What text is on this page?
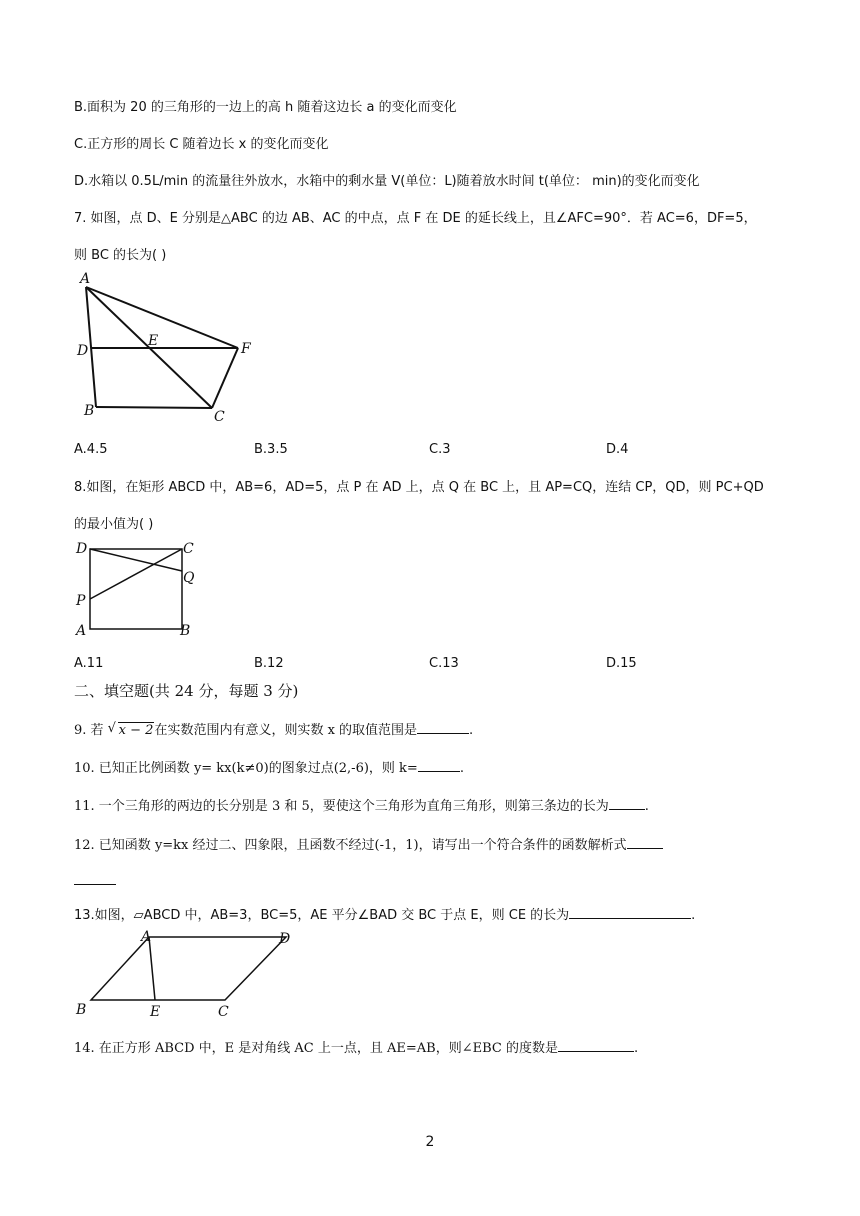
B.面积为 20 的三角形的一边上的高 h 随着这边长 a 的变化而变化
C.正方形的周长 C 随着边长 x 的变化而变化
D.水箱以 0.5L/min 的流量往外放水，水箱中的剩水量 V(单位：L)随着放水时间 t(单位： min)的变化而变化
7. 如图，点 D、E 分别是△ABC 的边 AB、AC 的中点，点 F 在 DE 的延长线上，且∠AFC=90°．若 AC=6，DF=5，
则 BC 的长为( )
A
D
E	F
B	C
A.4.5	B.3.5	C.3	D.4
8.如图，在矩形 ABCD 中，AB=6，AD=5，点 P 在 AD 上，点 Q 在 BC 上，且 AP=CQ，连结 CP，QD，则 PC+QD
的最小值为( )
D	C
Q
P
A	B
A.11	B.12	C.13	D.15
二、填空题(共 24 分，每题 3 分)
9. 若 √ x − 2在实数范围内有意义，则实数 x 的取值范围是	.
10. 已知正比例函数 y= kx(k≠0)的图象过点(2,-6)，则 k=	.
11. 一个三角形的两边的长分别是 3 和 5，要使这个三角形为直角三角形，则第三条边的长为	.
12. 已知函数 y=kx 经过二、四象限，且函数不经过(-1，1)，请写出一个符合条件的函数解析式
13.如图，▱ABCD 中，AB=3，BC=5，AE 平分∠BAD 交 BC 于点 E，则 CE 的长为	.
A	D
B	E	C
14. 在正方形 ABCD 中，E 是对角线 AC 上一点，且 AE=AB，则∠EBC 的度数是	.
2
